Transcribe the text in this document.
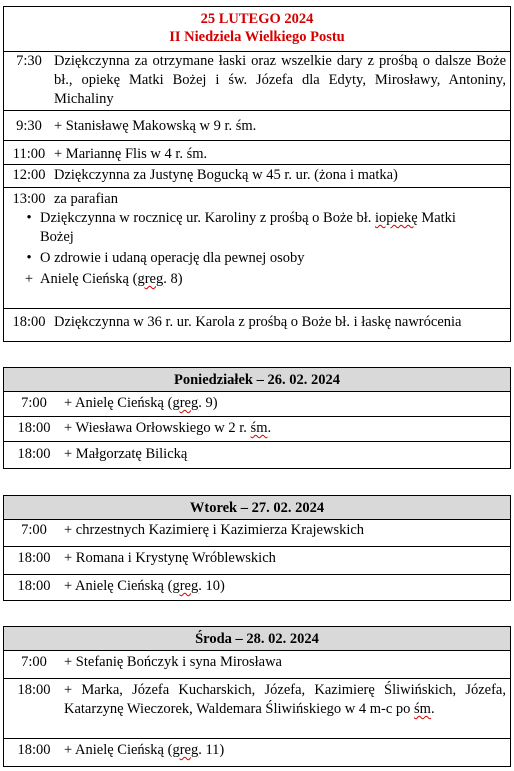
25 LUTEGO 2024
II Niedziela Wielkiego Postu
7:30 Dziękczynna za otrzymane łaski oraz wszelkie dary z prośbą o dalsze Boże bł., opiekę Matki Bożej i św. Józefa dla Edyty, Mirosławy, Antoniny, Michaliny
9:30 + Stanisławę Makowską w 9 r. śm.
11:00 + Mariannę Flis w 4 r. śm.
12:00 Dziękczynna za Justynę Bogucką w 45 r. ur. (żona i matka)
13:00 za parafian
• Dziękczynna w rocznicę ur. Karoliny z prośbą o Boże bł. iopiekę Matki Bożej
• O zdrowie i udaną operację dla pewnej osoby
+ Anielę Cieńską (greg. 8)
18:00 Dziękczynna w 36 r. ur. Karola z prośbą o Boże bł. i łaskę nawrócenia
Poniedziałek – 26. 02. 2024
7:00	+ Anielę Cieńską (greg. 9)
18:00 + Wiesława Orłowskiego w 2 r. śm.
18:00 + Małgorzatę Bilicką
Wtorek – 27. 02. 2024
7:00	+ chrzestnych Kazimierę i Kazimierza Krajewskich
18:00 + Romana i Krystynę Wróblewskich
18:00 + Anielę Cieńską (greg. 10)
Środa – 28. 02. 2024
7:00	+ Stefanię Bończyk i syna Mirosława
18:00 + Marka, Józefa Kucharskich, Józefa, Kazimierę Śliwińskich, Józefa, Katarzynę Wieczorek, Waldemara Śliwińskiego w 4 m-c po śm.
18:00 + Anielę Cieńską (greg. 11)
